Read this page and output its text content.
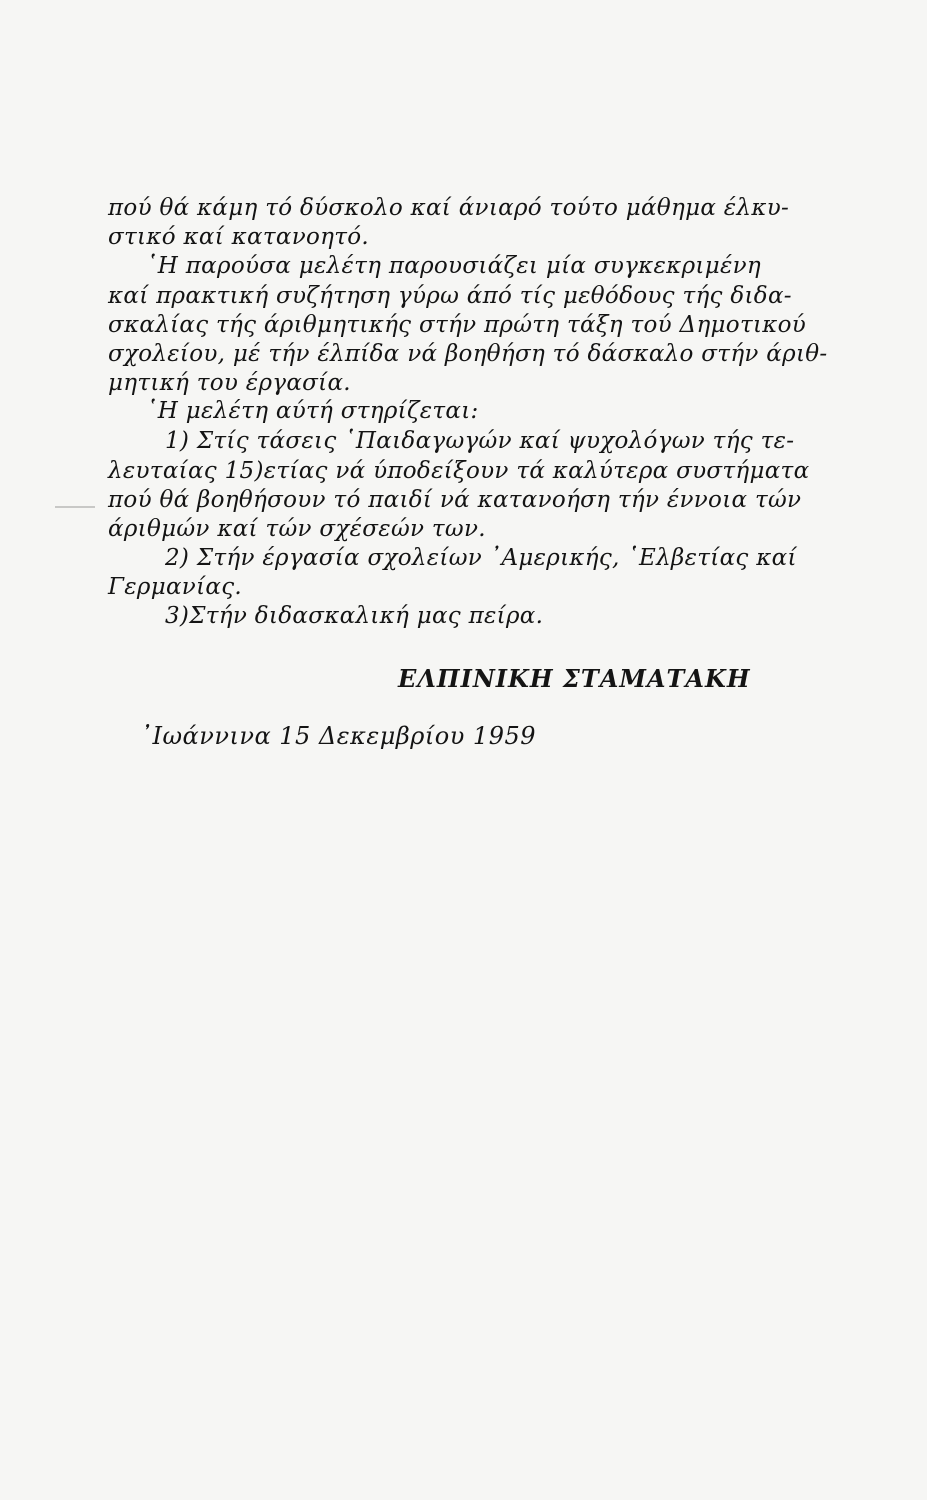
πού θά κάμη τό δύσκολο καί άνιαρό τούτο μάθημα έλκυ-
στικό καί κατανοητό.
῾Η παρούσα μελέτη παρουσιάζει μία συγκεκριμένη
καί πρακτική συζήτηση γύρω άπό τίς μεθόδους τής διδα-
σκαλίας τής άριθμητικής στήν πρώτη τάξη τού Δημοτικού
σχολείου, μέ τήν έλπίδα νά βοηθήση τό δάσκαλο στήν άριθ-
μητική του έργασία.
῾Η μελέτη αύτή στηρίζεται:
1) Στίς τάσεις ῾Παιδαγωγών καί ψυχολόγων τής τε-
λευταίας 15)ετίας νά ύποδείξουν τά καλύτερα συστήματα
πού θά βοηθήσουν τό παιδί νά κατανοήση τήν έννοια τών
άριθμών καί τών σχέσεών των.
2) Στήν έργασία σχολείων ᾿Αμερικής, ῾Ελβετίας καί
Γερμανίας.
3)Στήν διδασκαλική μας πείρα.
ΕΛΠΙΝΙΚΗ ΣΤΑΜΑΤΑΚΗ
᾿Ιωάννινα 15 Δεκεμβρίου 1959
